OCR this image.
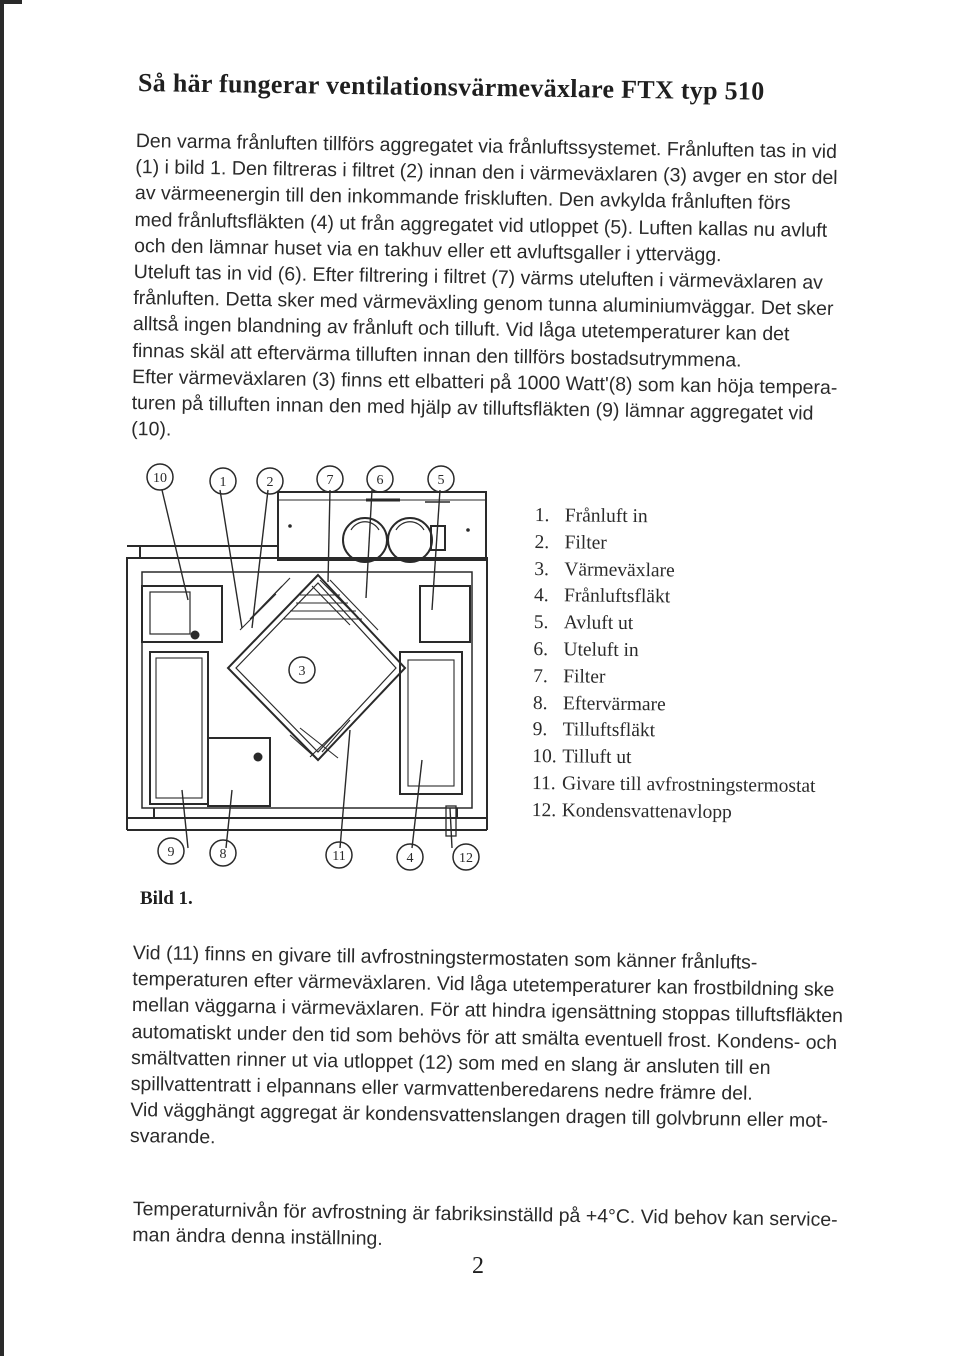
Så här fungerar ventilationsvärmeväxlare FTX typ 510
Den varma frånluften tillförs aggregatet via frånluftssystemet. Frånluften tas in vid
(1) i bild 1. Den filtreras i filtret (2) innan den i värmeväxlaren (3) avger en stor del
av värmeenergin till den inkommande friskluften. Den avkylda frånluften förs
med frånluftsfläkten (4) ut från aggregatet vid utloppet (5). Luften kallas nu avluft
och den lämnar huset via en takhuv eller ett avluftsgaller i yttervägg.
Uteluft tas in vid (6). Efter filtrering i filtret (7) värms uteluften i värmeväxlaren av
frånluften. Detta sker med värmeväxling genom tunna aluminiumväggar. Det sker
alltså ingen blandning av frånluft och tilluft. Vid låga utetemperaturer kan det
finnas skäl att eftervärma tilluften innan den tillförs bostadsutrymmena.
Efter värmeväxlaren (3) finns ett elbatteri på 1000 Watt'(8) som kan höja tempera-
turen på tilluften innan den med hjälp av tilluftsfläkten (9) lämnar aggregatet vid
(10).
10	1	2	7	6	5
3
9	8	11	4	12
1. Frånluft in
2. Filter
3. Värmeväxlare
4. Frånluftsfläkt
5. Avluft ut
6. Uteluft in
7. Filter
8. Eftervärmare
9. Tilluftsfläkt
10. Tilluft ut
11. Givare till avfrostningstermostat
12. Kondensvattenavlopp
Bild 1.
Vid (11) finns en givare till avfrostningstermostaten som känner frånlufts-
temperaturen efter värmeväxlaren. Vid låga utetemperaturer kan frostbildning ske
mellan väggarna i värmeväxlaren. För att hindra igensättning stoppas tilluftsfläkten
automatiskt under den tid som behövs för att smälta eventuell frost. Kondens- och
smältvatten rinner ut via utloppet (12) som med en slang är ansluten till en
spillvattentratt i elpannans eller varmvattenberedarens nedre främre del.
Vid vägghängt aggregat är kondensvattenslangen dragen till golvbrunn eller mot-
svarande.
Temperaturnivån för avfrostning är fabriksinställd på +4°C. Vid behov kan service-
man ändra denna inställning.
2
